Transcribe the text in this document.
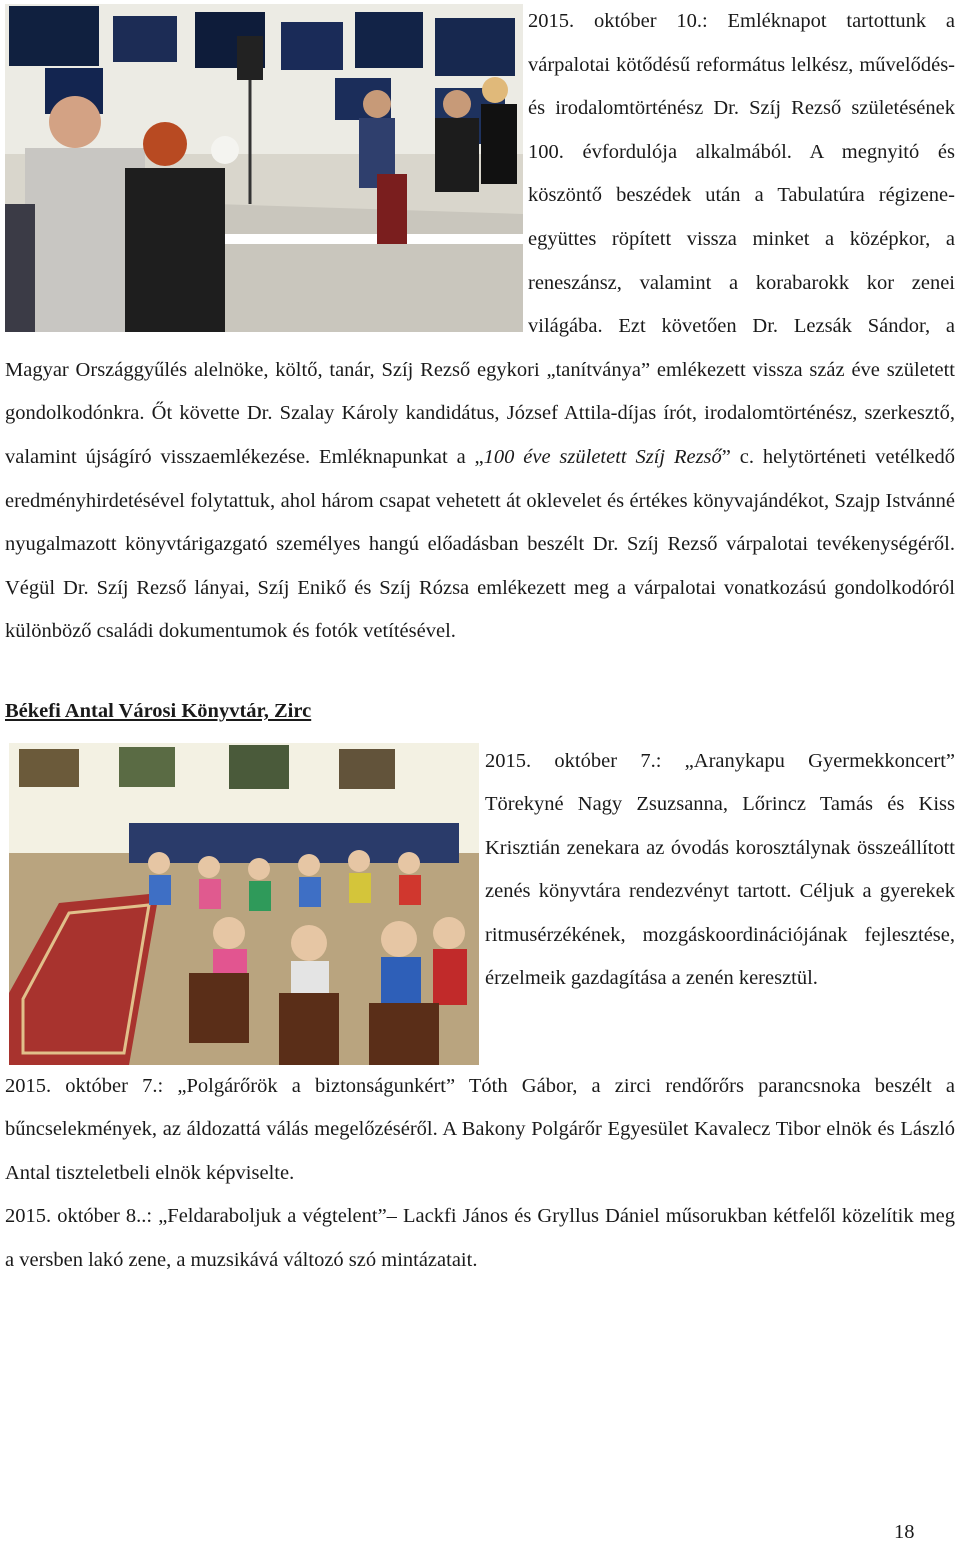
2015. október 10.: Emléknapot tartottunk a várpalotai kötődésű református lelkész, művelődés- és irodalomtörténész Dr. Szíj Rezső születésének 100. évfordulója alkalmából. A megnyitó és köszöntő beszédek után a Tabulatúra régizene-együttes röpített vissza minket a középkor, a reneszánsz, valamint a korabarokk kor zenei világába. Ezt követően Dr. Lezsák Sándor, a Magyar Országgyűlés alelnöke, költő, tanár, Szíj Rezső egykori „tanítványa” emlékezett vissza száz éve született gondolkodónkra. Őt követte Dr. Szalay Károly kandidátus, József Attila-díjas írót, irodalomtörténész, szerkesztő, valamint újságíró visszaemlékezése. Emléknapunkat a „100 éve született Szíj Rezső” c. helytörténeti vetélkedő eredményhirdetésével folytattuk, ahol három csapat vehetett át oklevelet és értékes könyvajándékot, Szajp Istvánné nyugalmazott könyvtárigazgató személyes hangú előadásban beszélt Dr. Szíj Rezső várpalotai tevékenységéről. Végül Dr. Szíj Rezső lányai, Szíj Enikő és Szíj Rózsa emlékezett meg a várpalotai vonatkozású gondolkodóról különböző családi dokumentumok és fotók vetítésével.

Békefi Antal Városi Könyvtár, Zirc

2015. október 7.: „Aranykapu Gyermekkoncert” Törekyné Nagy Zsuzsanna, Lőrincz Tamás és Kiss Krisztián zenekara az óvodás korosztálynak összeállított zenés könyvtára rendezvényt tartott. Céljuk a gyerekek ritmusérzékének, mozgáskoordinációjának fejlesztése, érzelmeik gazdagítása a zenén keresztül.

2015. október 7.: „Polgárőrök a biztonságunkért” Tóth Gábor, a zirci rendőrőrs parancsnoka beszélt a bűncselekmények, az áldozattá válás megelőzéséről. A Bakony Polgárőr Egyesület Kavalecz Tibor elnök és László Antal tiszteletbeli elnök képviselte.

2015. október 8..: „Feldaraboljuk a végtelent”– Lackfi János és Gryllus Dániel műsorukban kétfelől közelítik meg a versben lakó zene, a muzsikává változó szó mintázatait.

18
